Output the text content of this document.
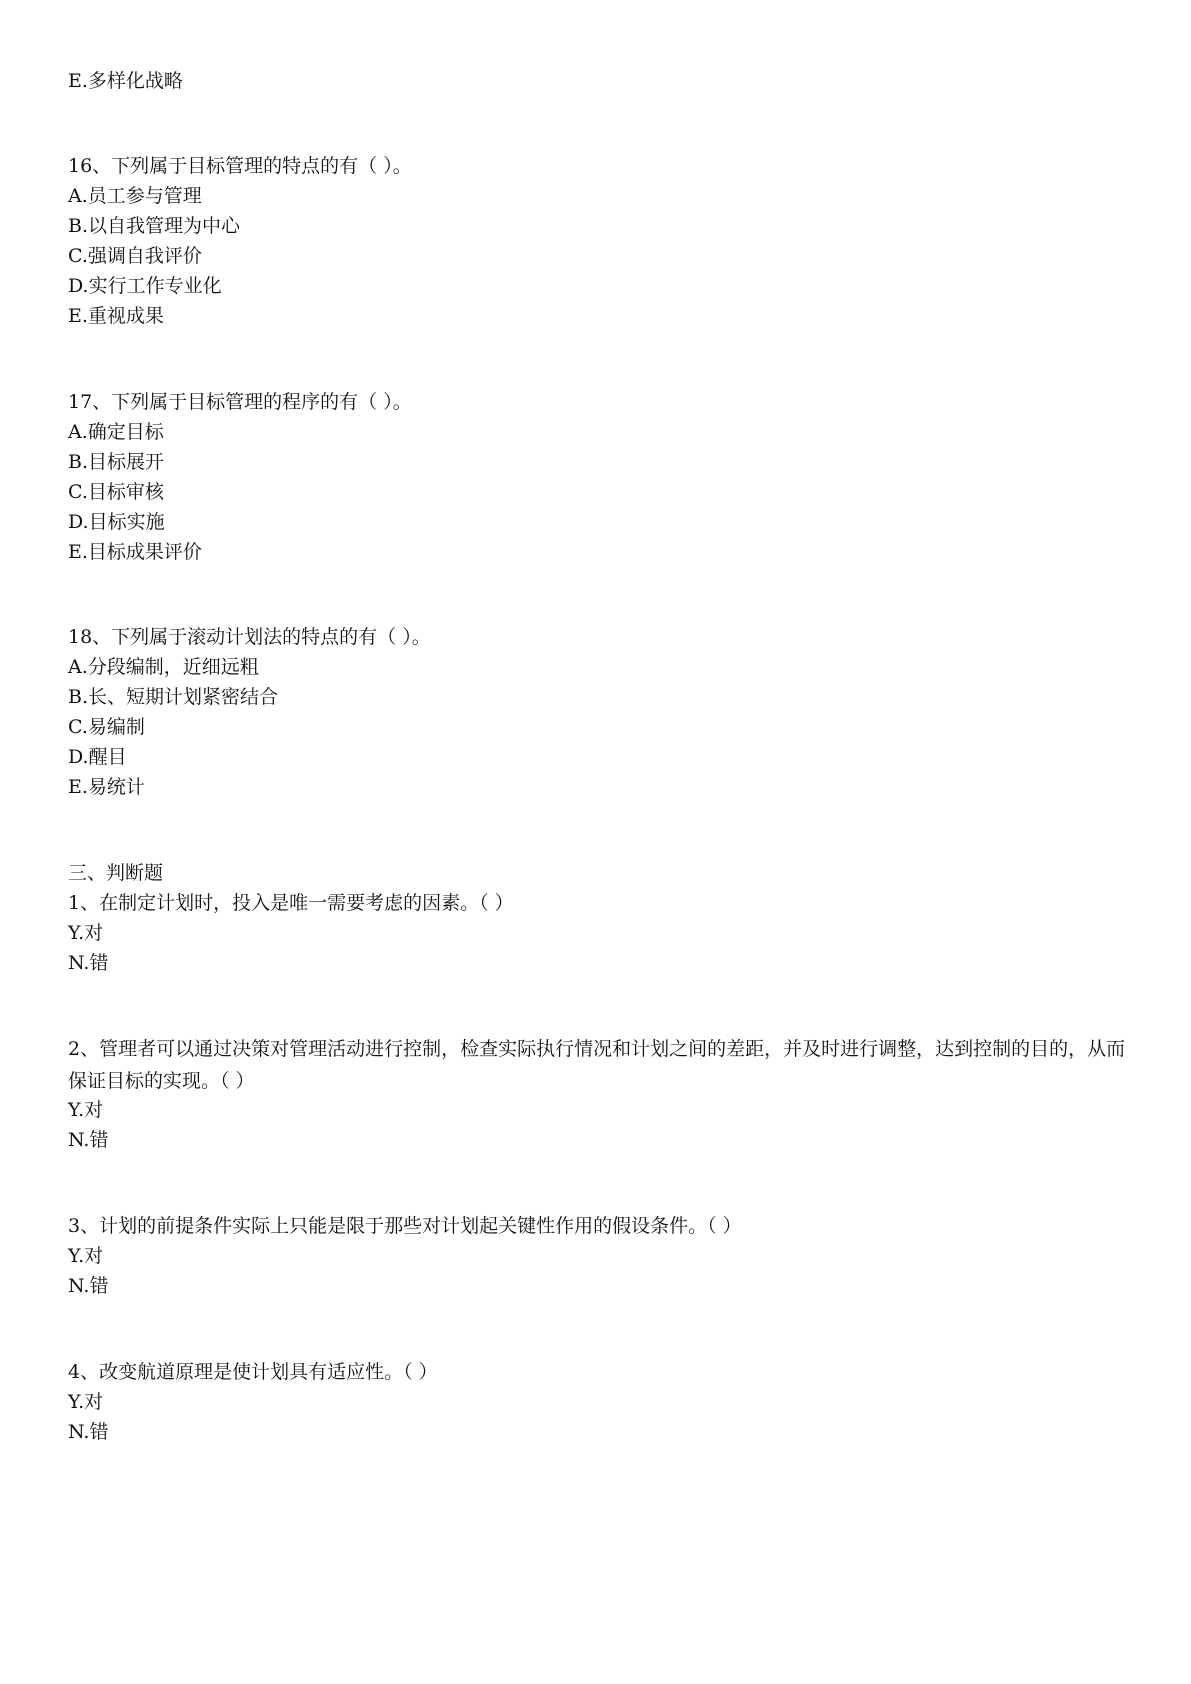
E.多样化战略
16、下列属于目标管理的特点的有（ ）。
A.员工参与管理
B.以自我管理为中心
C.强调自我评价
D.实行工作专业化
E.重视成果
17、下列属于目标管理的程序的有（ ）。
A.确定目标
B.目标展开
C.目标审核
D.目标实施
E.目标成果评价
18、下列属于滚动计划法的特点的有（ ）。
A.分段编制，近细远粗
B.长、短期计划紧密结合
C.易编制
D.醒目
E.易统计
三、判断题
1、在制定计划时，投入是唯一需要考虑的因素。（ ）
Y.对
N.错
2、管理者可以通过决策对管理活动进行控制，检查实际执行情况和计划之间的差距，并及时进行调整，达到控制的目的，从而保证目标的实现。（ ）
Y.对
N.错
3、计划的前提条件实际上只能是限于那些对计划起关键性作用的假设条件。（ ）
Y.对
N.错
4、改变航道原理是使计划具有适应性。（ ）
Y.对
N.错
